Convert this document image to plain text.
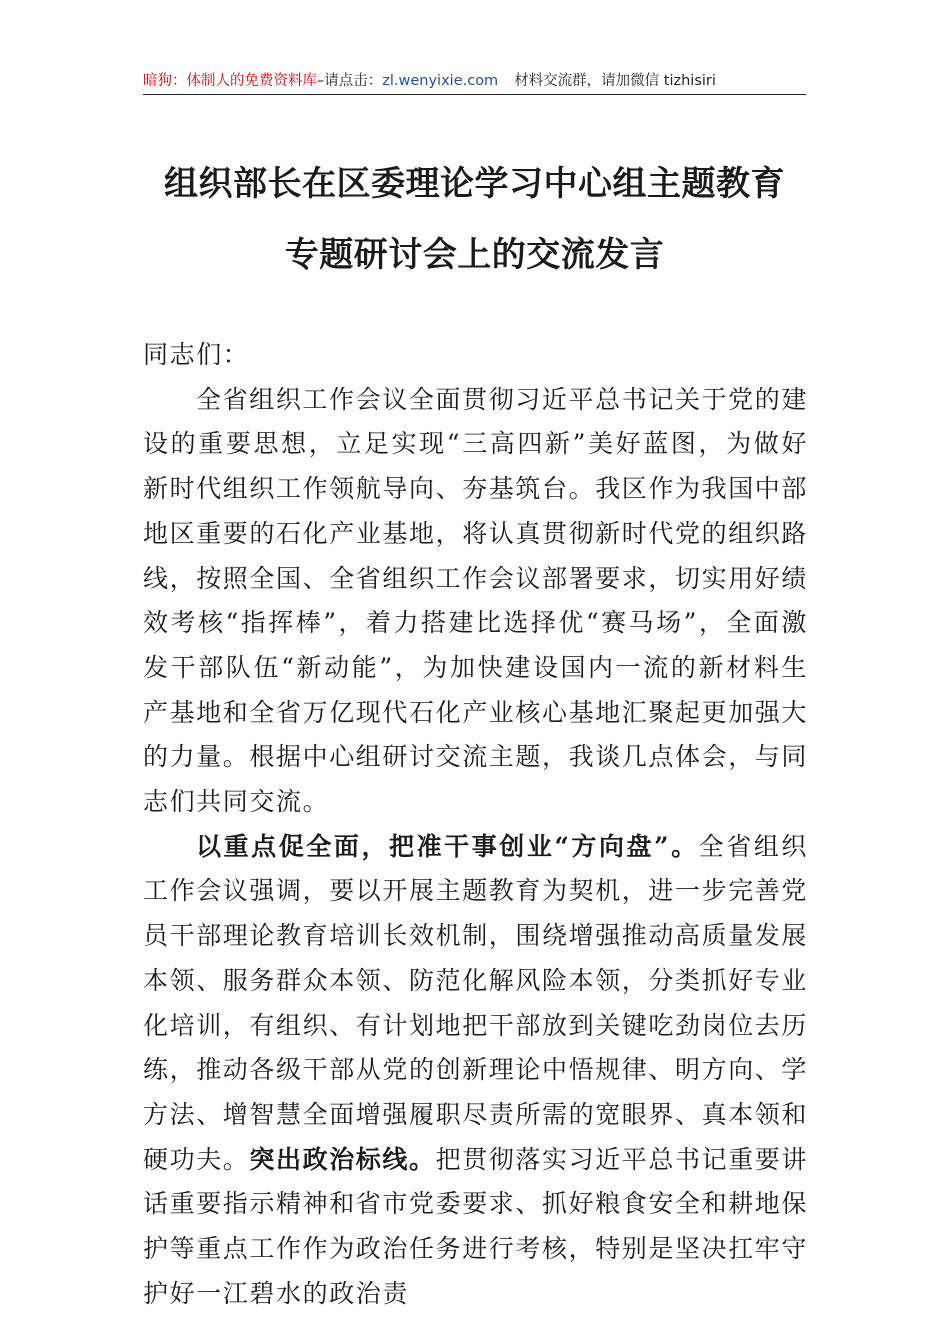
暗狗：体制人的免费资料库–请点击：zl.wenyixie.com 材料交流群，请加微信 tizhisiri
组织部长在区委理论学习中心组主题教育
专题研讨会上的交流发言

同志们：

全省组织工作会议全面贯彻习近平总书记关于党的建设的重要思想，立足实现“三高四新”美好蓝图，为做好新时代组织工作领航导向、夯基筑台。我区作为我国中部地区重要的石化产业基地，将认真贯彻新时代党的组织路线，按照全国、全省组织工作会议部署要求，切实用好绩效考核“指挥棒”，着力搭建比选择优“赛马场”，全面激发干部队伍“新动能”，为加快建设国内一流的新材料生产基地和全省万亿现代石化产业核心基地汇聚起更加强大的力量。根据中心组研讨交流主题，我谈几点体会，与同志们共同交流。

以重点促全面，把准干事创业“方向盘”。全省组织工作会议强调，要以开展主题教育为契机，进一步完善党员干部理论教育培训长效机制，围绕增强推动高质量发展本领、服务群众本领、防范化解风险本领，分类抓好专业化培训，有组织、有计划地把干部放到关键吃劲岗位去历练，推动各级干部从党的创新理论中悟规律、明方向、学方法、增智慧全面增强履职尽责所需的宽眼界、真本领和硬功夫。突出政治标线。把贯彻落实习近平总书记重要讲话重要指示精神和省市党委要求、抓好粮食安全和耕地保护等重点工作作为政治任务进行考核，特别是坚决扛牢守护好一江碧水的政治责
